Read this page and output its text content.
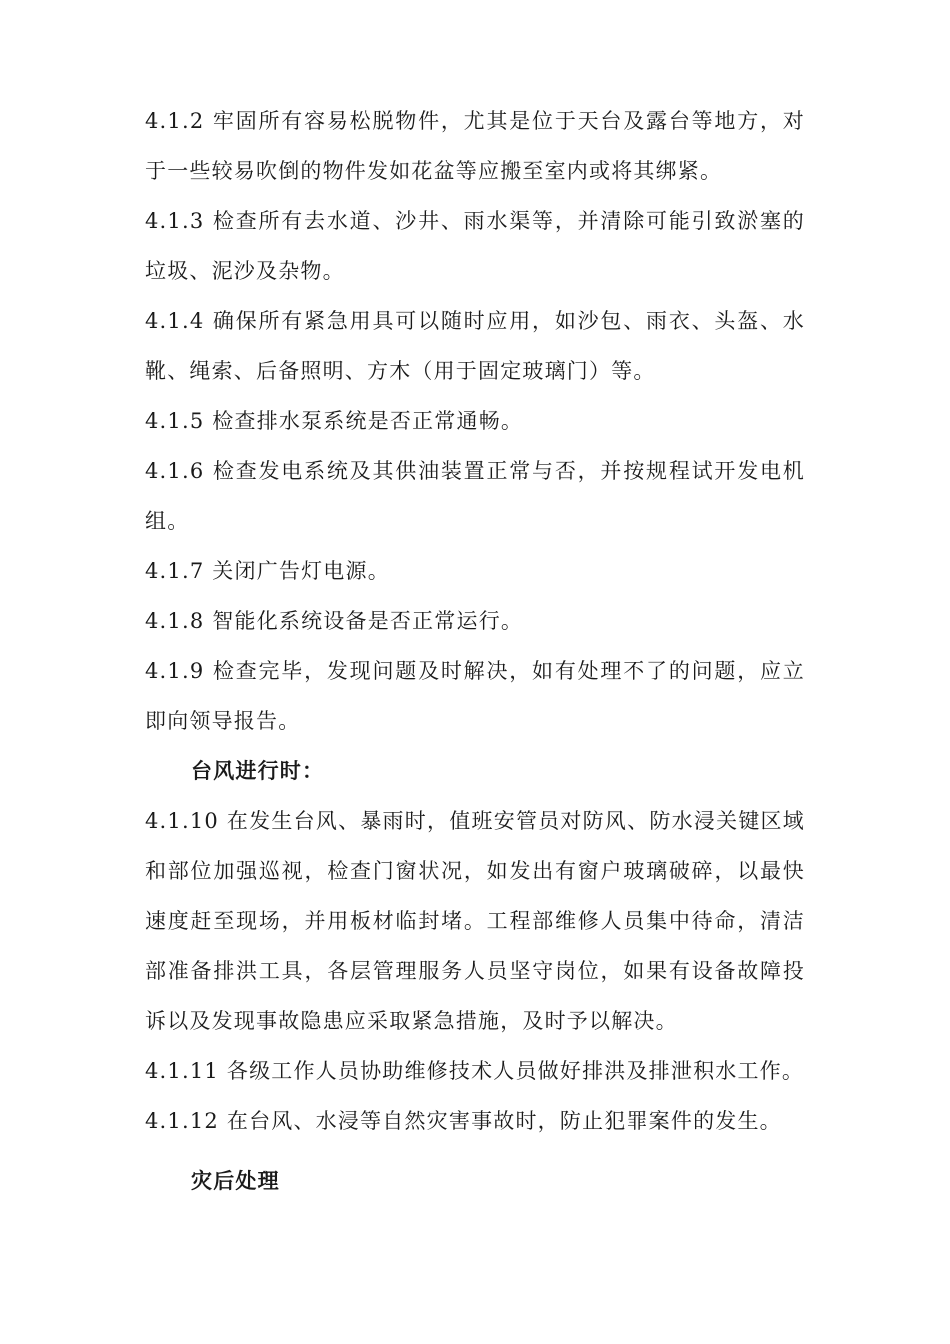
4.1.2 牢固所有容易松脱物件，尤其是位于天台及露台等地方，对于一些较易吹倒的物件发如花盆等应搬至室内或将其绑紧。

4.1.3 检查所有去水道、沙井、雨水渠等，并清除可能引致淤塞的垃圾、泥沙及杂物。

4.1.4 确保所有紧急用具可以随时应用，如沙包、雨衣、头盔、水靴、绳索、后备照明、方木（用于固定玻璃门）等。

4.1.5 检查排水泵系统是否正常通畅。

4.1.6 检查发电系统及其供油装置正常与否，并按规程试开发电机组。

4.1.7 关闭广告灯电源。

4.1.8 智能化系统设备是否正常运行。

4.1.9 检查完毕，发现问题及时解决，如有处理不了的问题，应立即向领导报告。

台风进行时：

4.1.10 在发生台风、暴雨时，值班安管员对防风、防水浸关键区域和部位加强巡视，检查门窗状况，如发出有窗户玻璃破碎，以最快速度赶至现场，并用板材临封堵。工程部维修人员集中待命，清洁部准备排洪工具，各层管理服务人员坚守岗位，如果有设备故障投诉以及发现事故隐患应采取紧急措施，及时予以解决。

4.1.11 各级工作人员协助维修技术人员做好排洪及排泄积水工作。

4.1.12 在台风、水浸等自然灾害事故时，防止犯罪案件的发生。

灾后处理
